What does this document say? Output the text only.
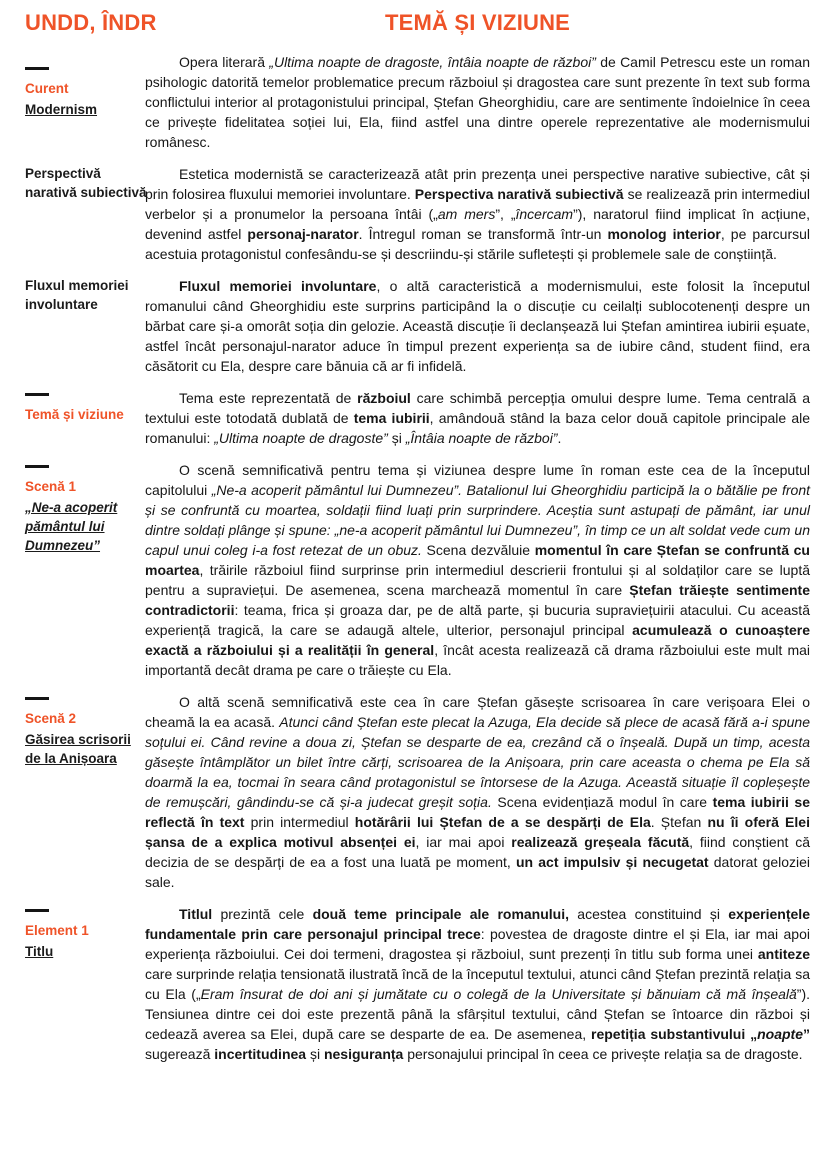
UNDD, ÎNDR	TEMĂ ȘI VIZIUNE
Curent
Modernism

Opera literară „Ultima noapte de dragoste, întâia noapte de război” de Camil Petrescu este un roman psihologic datorită temelor problematice precum războiul și dragostea care sunt prezente în text sub forma conflictului interior al protagonistului principal, Ștefan Gheorghidiu, care are sentimente îndoielnice în ceea ce privește fidelitatea soției lui, Ela, fiind astfel una dintre operele reprezentative ale modernismului românesc.

Perspectivă
narativă subiectivă

Estetica modernistă se caracterizează atât prin prezența unei perspective narative subiective, cât și prin folosirea fluxului memoriei involuntare. Perspectiva narativă subiectivă se realizează prin intermediul verbelor și a pronumelor la persoana întâi („am mers”, „încercam”), naratorul fiind implicat în acțiune, devenind astfel personaj-narator. Întregul roman se transformă într-un monolog interior, pe parcursul acestuia protagonistul confesându-se și descriindu-și stările sufletești și problemele sale de conștiință.

Fluxul memoriei
involuntare

Fluxul memoriei involuntare, o altă caracteristică a modernismului, este folosit la începutul romanului când Gheorghidiu este surprins participând la o discuție cu ceilalți sublocotenenți despre un bărbat care și-a omorât soția din gelozie. Această discuție îi declanșează lui Ștefan amintirea iubirii eșuate, astfel încât personajul-narator aduce în timpul prezent experiența sa de iubire când, student fiind, era căsătorit cu Ela, despre care bănuia că ar fi infidelă.

Temă și viziune

Tema este reprezentată de războiul care schimbă percepția omului despre lume. Tema centrală a textului este totodată dublată de tema iubirii, amândouă stând la baza celor două capitole principale ale romanului: „Ultima noapte de dragoste” și „Întâia noapte de război”.

Scenă 1
„Ne-a acoperit
pământul lui
Dumnezeu”

O scenă semnificativă pentru tema și viziunea despre lume în roman este cea de la începutul capitolului „Ne-a acoperit pământul lui Dumnezeu”. Batalionul lui Gheorghidiu participă la o bătălie pe front și se confruntă cu moartea, soldații fiind luați prin surprindere. Aceștia sunt astupați de pământ, iar unul dintre soldați plânge și spune: „ne-a acoperit pământul lui Dumnezeu”, în timp ce un alt soldat vede cum un capul unui coleg i-a fost retezat de un obuz. Scena dezvăluie momentul în care Ștefan se confruntă cu moartea, trăirile războiul fiind surprinse prin intermediul descrierii frontului și al soldaților care se luptă pentru a supraviețui. De asemenea, scena marchează momentul în care Ștefan trăiește sentimente contradictorii: teama, frica și groaza dar, pe de altă parte, și bucuria supraviețuirii atacului. Cu această experiență tragică, la care se adaugă altele, ulterior, personajul principal acumulează o cunoaștere exactă a războiului și a realității în general, încât acesta realizează că drama războiului este mult mai importantă decât drama pe care o trăiește cu Ela.

Scenă 2
Găsirea scrisorii
de la Anișoara

O altă scenă semnificativă este cea în care Ștefan găsește scrisoarea în care verișoara Elei o cheamă la ea acasă. Atunci când Ștefan este plecat la Azuga, Ela decide să plece de acasă fără a-i spune soțului ei. Când revine a doua zi, Ștefan se desparte de ea, crezând că o înșeală. După un timp, acesta găsește întâmplător un bilet între cărți, scrisoarea de la Anișoara, prin care aceasta o chema pe Ela să doarmă la ea, tocmai în seara când protagonistul se întorsese de la Azuga. Această situație îl copleșește de remușcări, gândindu-se că și-a judecat greșit soția. Scena evidențiază modul în care tema iubirii se reflectă în text prin intermediul hotărârii lui Ștefan de a se despărți de Ela. Ștefan nu îi oferă Elei șansa de a explica motivul absenței ei, iar mai apoi realizează greșeala făcută, fiind conștient că decizia de se despărți de ea a fost una luată pe moment, un act impulsiv și necugetat datorat geloziei sale.

Element 1
Titlu

Titlul prezintă cele două teme principale ale romanului, acestea constituind și experiențele fundamentale prin care personajul principal trece: povestea de dragoste dintre el și Ela, iar mai apoi experiența războiului. Cei doi termeni, dragostea și războiul, sunt prezenți în titlu sub forma unei antiteze care surprinde relația tensionată ilustrată încă de la începutul textului, atunci când Ștefan prezintă relația sa cu Ela („Eram însurat de doi ani și jumătate cu o colegă de la Universitate și bănuiam că mă înșeală”). Tensiunea dintre cei doi este prezentă până la sfârșitul textului, când Ștefan se întoarce din război și cedează averea sa Elei, după care se desparte de ea. De asemenea, repetiția substantivului „noapte” sugerează incertitudinea și nesiguranța personajului principal în ceea ce privește relația sa de dragoste.
